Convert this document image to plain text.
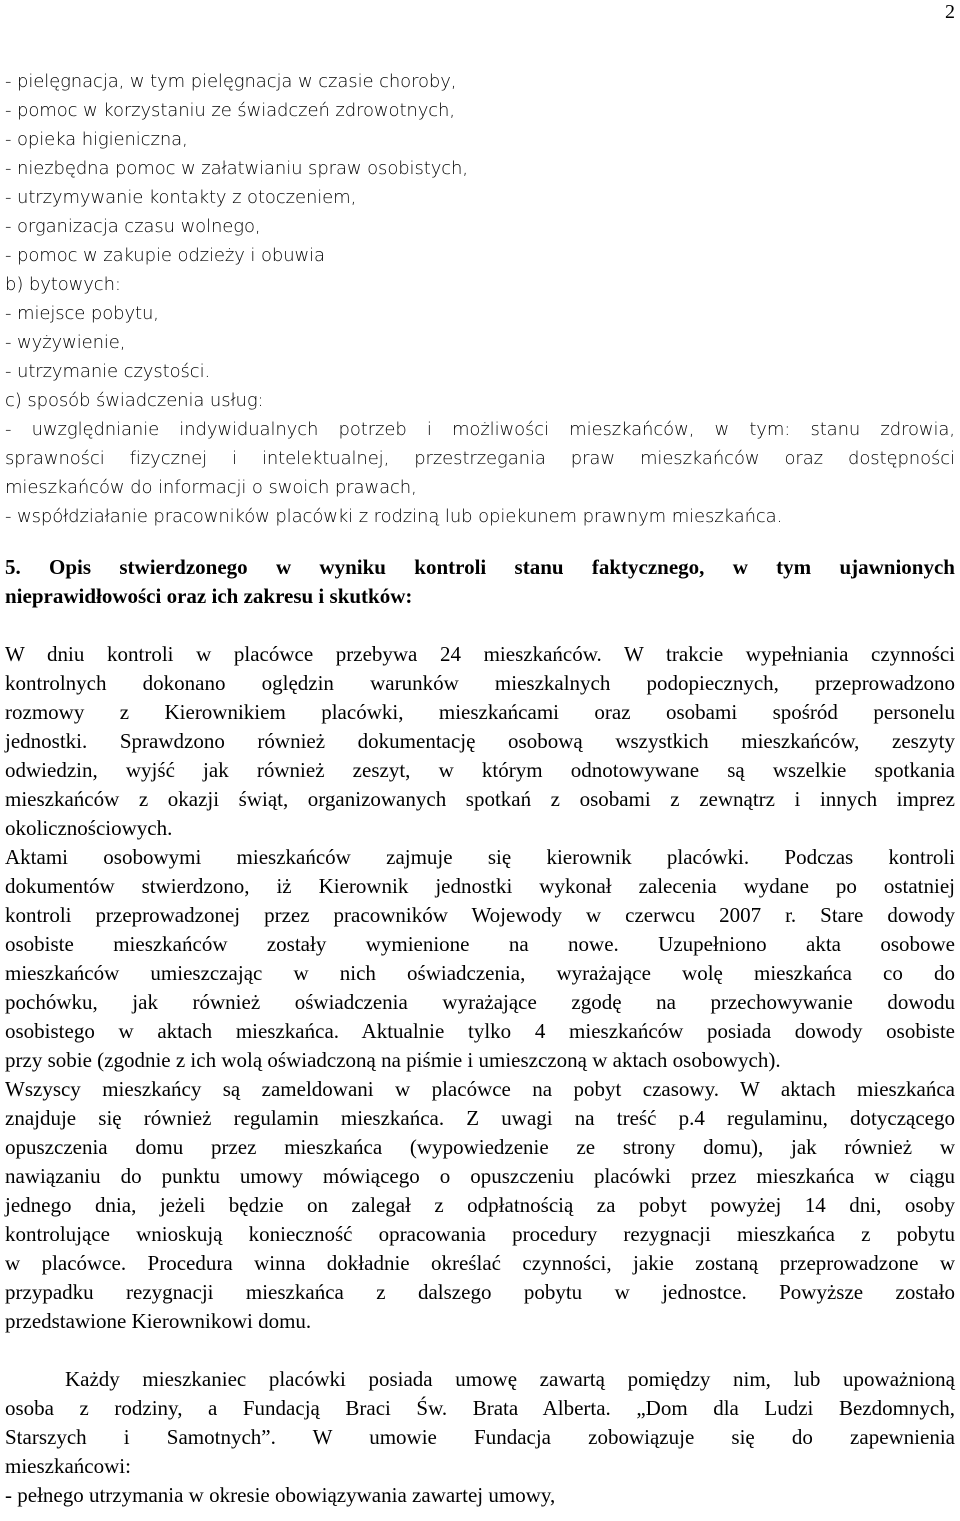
2
- pielęgnacja, w tym pielęgnacja w czasie choroby,
- pomoc w korzystaniu ze świadczeń zdrowotnych,
- opieka higieniczna,
- niezbędna pomoc w załatwianiu spraw osobistych,
- utrzymywanie kontakty z otoczeniem,
- organizacja czasu wolnego,
- pomoc w zakupie odzieży i obuwia
b) bytowych:
- miejsce pobytu,
- wyżywienie,
- utrzymanie czystości.
c) sposób świadczenia usług:
- uwzględnianie indywidualnych potrzeb i możliwości mieszkańców, w tym: stanu zdrowia,
sprawności fizycznej i intelektualnej, przestrzegania praw mieszkańców oraz dostępności
mieszkańców do informacji o swoich prawach,
- współdziałanie pracowników placówki z rodziną lub opiekunem prawnym mieszkańca.
5. Opis stwierdzonego w wyniku kontroli stanu faktycznego, w tym ujawnionych
nieprawidłowości oraz ich zakresu i skutków:
W dniu kontroli w placówce przebywa 24 mieszkańców. W trakcie wypełniania czynności
kontrolnych dokonano oględzin warunków mieszkalnych podopiecznych, przeprowadzono
rozmowy z Kierownikiem placówki, mieszkańcami oraz osobami spośród personelu
jednostki. Sprawdzono również dokumentację osobową wszystkich mieszkańców, zeszyty
odwiedzin, wyjść jak również zeszyt, w którym odnotowywane są wszelkie spotkania
mieszkańców z okazji świąt, organizowanych spotkań z osobami z zewnątrz i innych imprez
okolicznościowych.
Aktami osobowymi mieszkańców zajmuje się kierownik placówki. Podczas kontroli
dokumentów stwierdzono, iż Kierownik jednostki wykonał zalecenia wydane po ostatniej
kontroli przeprowadzonej przez pracowników Wojewody w czerwcu 2007 r. Stare dowody
osobiste mieszkańców zostały wymienione na nowe. Uzupełniono akta osobowe
mieszkańców umieszczając w nich oświadczenia, wyrażające wolę mieszkańca co do
pochówku, jak również oświadczenia wyrażające zgodę na przechowywanie dowodu
osobistego w aktach mieszkańca. Aktualnie tylko 4 mieszkańców posiada dowody osobiste
przy sobie (zgodnie z ich wolą oświadczoną na piśmie i umieszczoną w aktach osobowych).
Wszyscy mieszkańcy są zameldowani w placówce na pobyt czasowy. W aktach mieszkańca
znajduje się również regulamin mieszkańca. Z uwagi na treść p.4 regulaminu, dotyczącego
opuszczenia domu przez mieszkańca (wypowiedzenie ze strony domu), jak również w
nawiązaniu do punktu umowy mówiącego o opuszczeniu placówki przez mieszkańca w ciągu
jednego dnia, jeżeli będzie on zalegał z odpłatnością za pobyt powyżej 14 dni, osoby
kontrolujące wnioskują konieczność opracowania procedury rezygnacji mieszkańca z pobytu
w placówce. Procedura winna dokładnie określać czynności, jakie zostaną przeprowadzone w
przypadku rezygnacji mieszkańca z dalszego pobytu w jednostce. Powyższe zostało
przedstawione Kierownikowi domu.
Każdy mieszkaniec placówki posiada umowę zawartą pomiędzy nim, lub upoważnioną
osoba z rodziny, a Fundacją Braci Św. Brata Alberta. „Dom dla Ludzi Bezdomnych,
Starszych i Samotnych”. W umowie Fundacja zobowiązuje się do zapewnienia
mieszkańcowi:
- pełnego utrzymania w okresie obowiązywania zawartej umowy,
